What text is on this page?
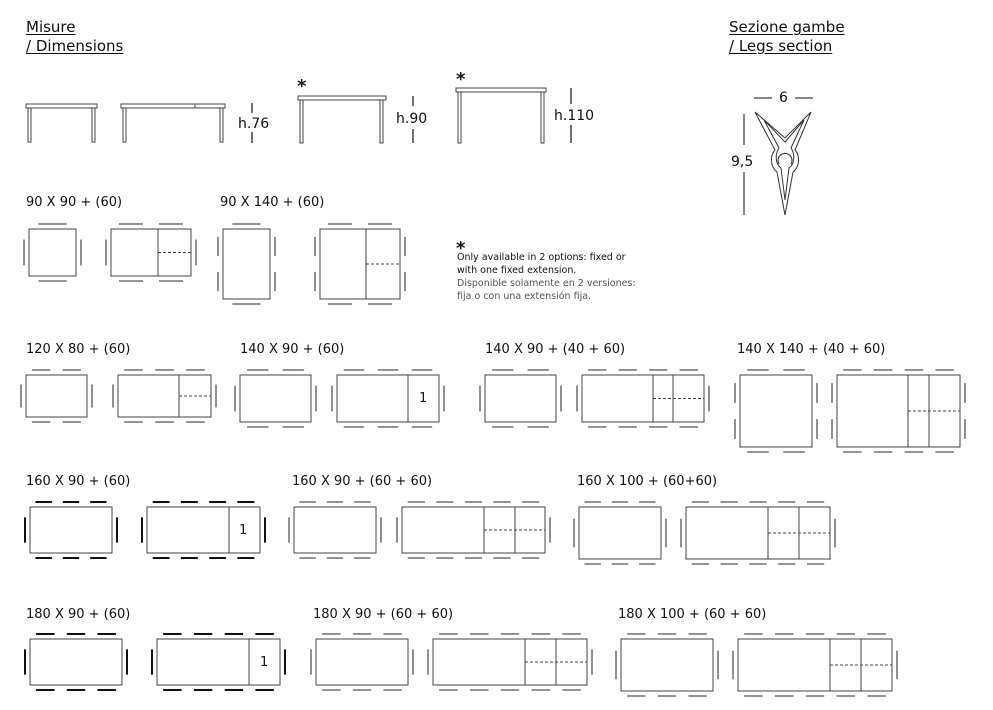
Misure
/ Dimensions
Sezione gambe
/ Legs section
h.76	h.90	h.110
*	*
6
9,5
*
Only available in 2 options: fixed or
with one fixed extension.
Disponible solamente en 2 versiones:
fija o con una extensión fija.
90 X 90 + (60)	90 X 140 + (60)
120 X 80 + (60)	140 X 90 + (60)	140 X 90 + (40 + 60)	140 X 140 + (40 + 60)
160 X 90 + (60)	160 X 90 + (60 + 60)	160 X 100 + (60+60)
180 X 90 + (60)	180 X 90 + (60 + 60)	180 X 100 + (60 + 60)
1
1
1
